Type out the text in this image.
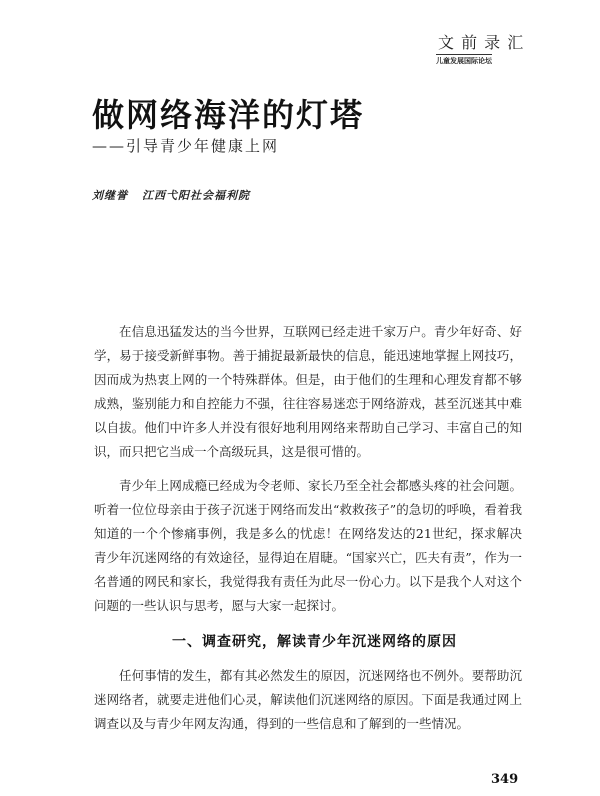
文 前 录 汇
儿童发展国际论坛
做网络海洋的灯塔
——引导青少年健康上网
刘继誉 江西弋阳社会福利院
在信息迅猛发达的当今世界，互联网已经走进千家万户。青少年好奇、好学，易于接受新鲜事物。善于捕捉最新最快的信息，能迅速地掌握上网技巧，因而成为热衷上网的一个特殊群体。但是，由于他们的生理和心理发育都不够成熟，鉴别能力和自控能力不强，往往容易迷恋于网络游戏，甚至沉迷其中难以自拔。他们中许多人并没有很好地利用网络来帮助自己学习、丰富自己的知识，而只把它当成一个高级玩具，这是很可惜的。
青少年上网成瘾已经成为令老师、家长乃至全社会都感头疼的社会问题。听着一位位母亲由于孩子沉迷于网络而发出“救救孩子”的急切的呼唤，看着我知道的一个个惨痛事例，我是多么的忧虑！在网络发达的21世纪，探求解决青少年沉迷网络的有效途径，显得迫在眉睫。“国家兴亡，匹夫有责”，作为一名普通的网民和家长，我觉得我有责任为此尽一份心力。以下是我个人对这个问题的一些认识与思考，愿与大家一起探讨。
一、调查研究，解读青少年沉迷网络的原因
任何事情的发生，都有其必然发生的原因，沉迷网络也不例外。要帮助沉迷网络者，就要走进他们心灵，解读他们沉迷网络的原因。下面是我通过网上调查以及与青少年网友沟通，得到的一些信息和了解到的一些情况。
349
